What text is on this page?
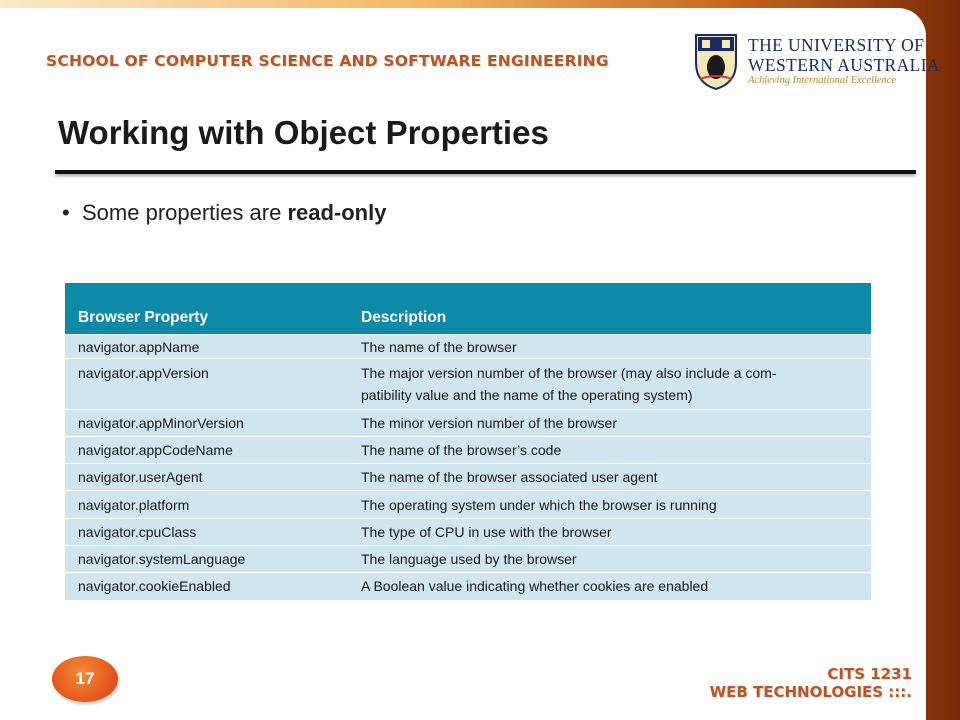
SCHOOL OF COMPUTER SCIENCE AND SOFTWARE ENGINEERING
THE UNIVERSITY OF
WESTERN AUSTRALIA
Achieving International Excellence
Working with Object Properties
• Some properties are read-only
Browser Property	Description
navigator.appName	The name of the browser
navigator.appVersion	The major version number of the browser (may also include a com-
patibility value and the name of the operating system)
navigator.appMinorVersion	The minor version number of the browser
navigator.appCodeName	The name of the browser’s code
navigator.userAgent	The name of the browser associated user agent
navigator.platform	The operating system under which the browser is running
navigator.cpuClass	The type of CPU in use with the browser
navigator.systemLanguage	The language used by the browser
navigator.cookieEnabled	A Boolean value indicating whether cookies are enabled
17	CITS 1231
WEB TECHNOLOGIES :::.
